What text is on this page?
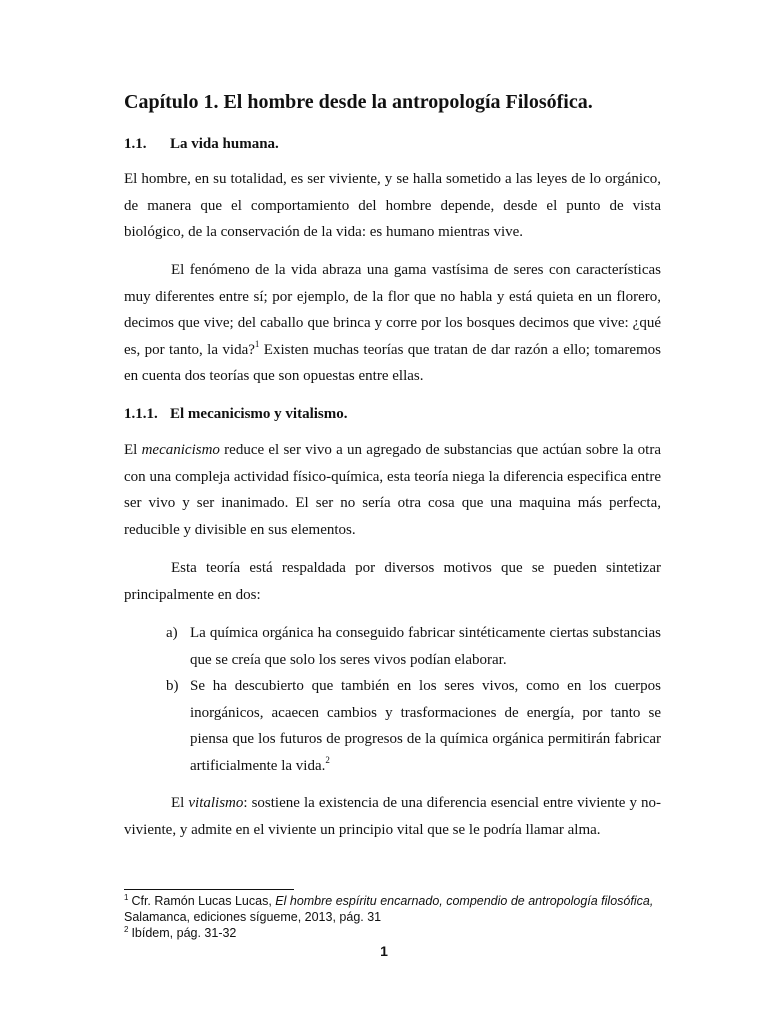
Capítulo 1. El hombre desde la antropología Filosófica.
1.1.	La vida humana.

El hombre, en su totalidad, es ser viviente, y se halla sometido a las leyes de lo orgánico, de manera que el comportamiento del hombre depende, desde el punto de vista biológico, de la conservación de la vida: es humano mientras vive.

El fenómeno de la vida abraza una gama vastísima de seres con características muy diferentes entre sí; por ejemplo, de la flor que no habla y está quieta en un florero, decimos que vive; del caballo que brinca y corre por los bosques decimos que vive: ¿qué es, por tanto, la vida?$^1$ Existen muchas teorías que tratan de dar razón a ello; tomaremos en cuenta dos teorías que son opuestas entre ellas.

1.1.1. El mecanicismo y vitalismo.

El mecanicismo reduce el ser vivo a un agregado de substancias que actúan sobre la otra con una compleja actividad físico-química, esta teoría niega la diferencia especifica entre ser vivo y ser inanimado. El ser no sería otra cosa que una maquina más perfecta, reducible y divisible en sus elementos.

Esta teoría está respaldada por diversos motivos que se pueden sintetizar principalmente en dos:

a) La química orgánica ha conseguido fabricar sintéticamente ciertas substancias que se creía que solo los seres vivos podían elaborar.
b) Se ha descubierto que también en los seres vivos, como en los cuerpos inorgánicos, acaecen cambios y trasformaciones de energía, por tanto se piensa que los futuros de progresos de la química orgánica permitirán fabricar artificialmente la vida.$^2$

El vitalismo: sostiene la existencia de una diferencia esencial entre viviente y no-viviente, y admite en el viviente un principio vital que se le podría llamar alma.

$^1$ Cfr. Ramón Lucas Lucas, El hombre espíritu encarnado, compendio de antropología filosófica, Salamanca, ediciones sígueme, 2013, pág. 31

$^2$ Ibídem, pág. 31-32

1
